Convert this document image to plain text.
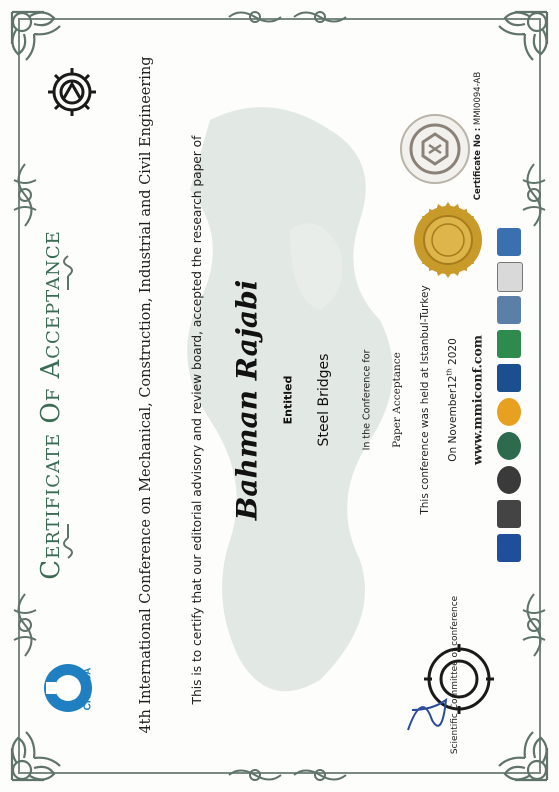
Certificate Of Acceptance	4th International Conference on Mechanical, Construction, Industrial and Civil Engineering	This is to certify that our editorial advisory and review board, accepted the research paper of Bahman Rajabi Entitled Steel Bridges	In the Conference for Paper Acceptance This conference was held at Istanbul-Turkey On November12th 2020 www.mmiconf.com
Certificate No : MMI0094-AB
Scientific Committee of conference
CIVILICA
